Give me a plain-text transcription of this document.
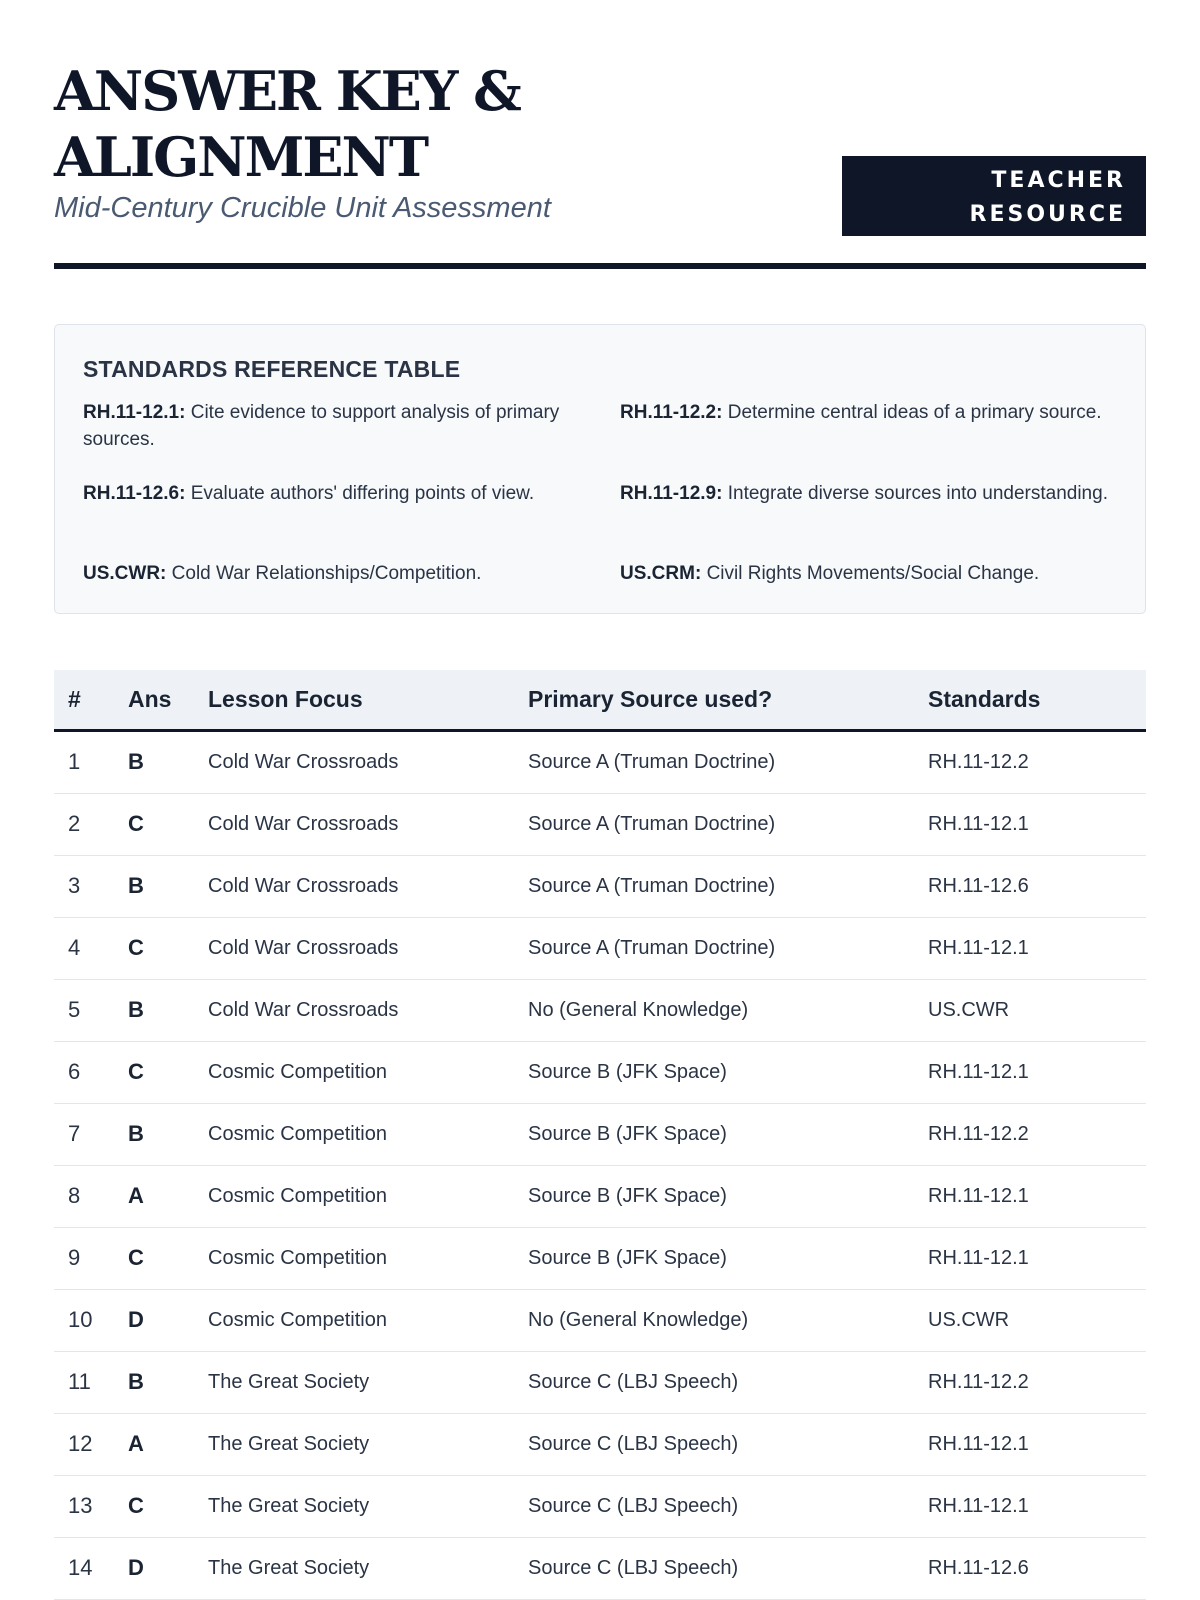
ANSWER KEY &
ALIGNMENT

Mid-Century Crucible Unit Assessment

TEACHER
RESOURCE
STANDARDS REFERENCE TABLE
RH.11-12.1: Cite evidence to support analysis of primary sources.
RH.11-12.2: Determine central ideas of a primary source.
RH.11-12.6: Evaluate authors' differing points of view.	RH.11-12.9: Integrate diverse sources into understanding.
US.CWR: Cold War Relationships/Competition.	US.CRM: Civil Rights Movements/Social Change.
#	Ans	Lesson Focus	Primary Source used?	Standards
1	B	Cold War Crossroads	Source A (Truman Doctrine)	RH.11-12.2
2	C	Cold War Crossroads	Source A (Truman Doctrine)	RH.11-12.1
3	B	Cold War Crossroads	Source A (Truman Doctrine)	RH.11-12.6
4	C	Cold War Crossroads	Source A (Truman Doctrine)	RH.11-12.1
5	B	Cold War Crossroads	No (General Knowledge)	US.CWR
6	C	Cosmic Competition	Source B (JFK Space)	RH.11-12.1
7	B	Cosmic Competition	Source B (JFK Space)	RH.11-12.2
8	A	Cosmic Competition	Source B (JFK Space)	RH.11-12.1
9	C	Cosmic Competition	Source B (JFK Space)	RH.11-12.1
10	D	Cosmic Competition	No (General Knowledge)	US.CWR
11	B	The Great Society	Source C (LBJ Speech)	RH.11-12.2
12	A	The Great Society	Source C (LBJ Speech)	RH.11-12.1
13	C	The Great Society	Source C (LBJ Speech)	RH.11-12.1
14	D	The Great Society	Source C (LBJ Speech)	RH.11-12.6
